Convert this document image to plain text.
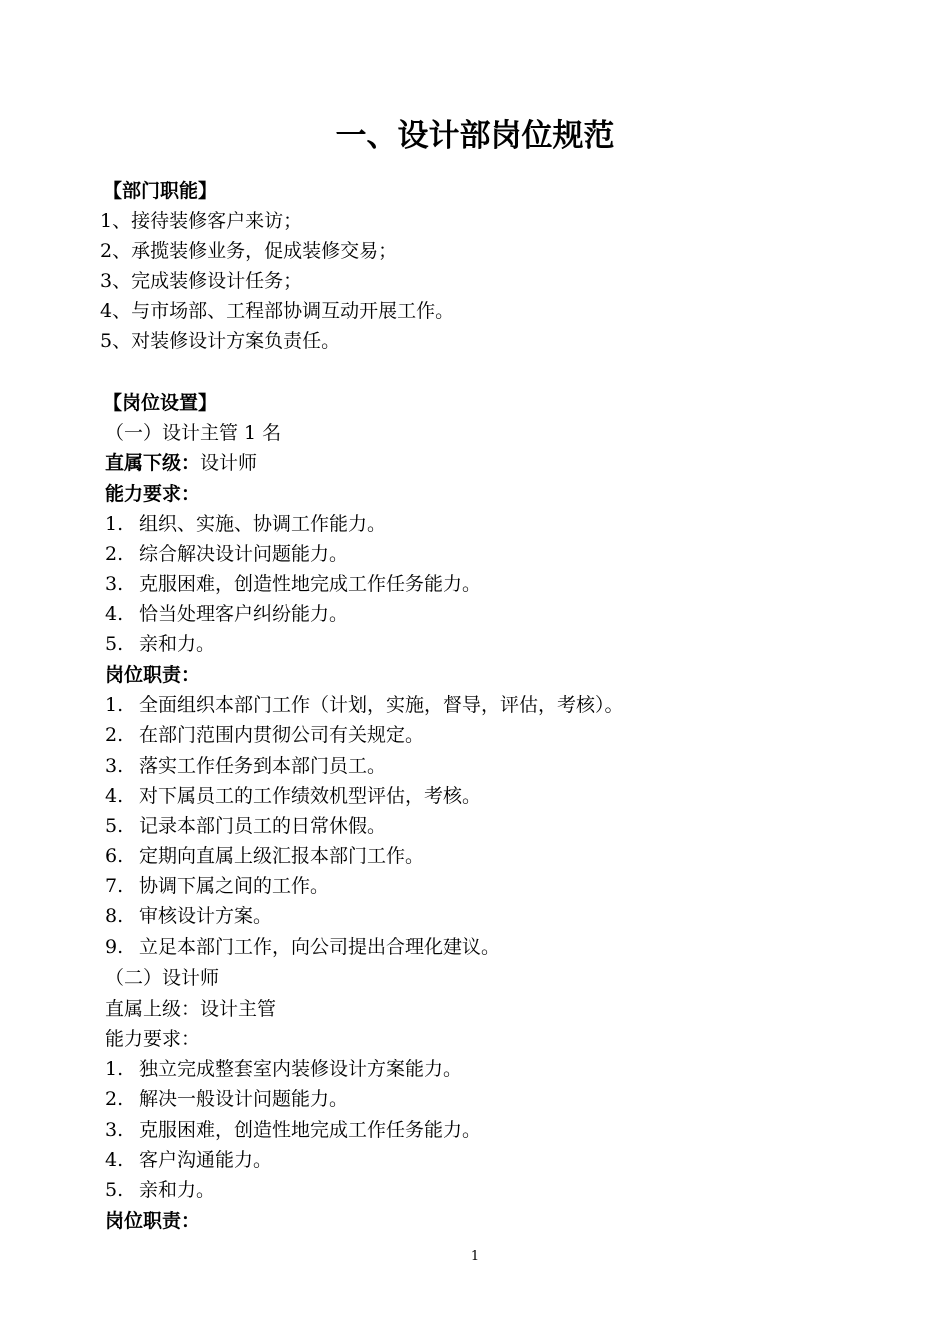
一、设计部岗位规范
【部门职能】
1、接待装修客户来访；
2、承揽装修业务，促成装修交易；
3、完成装修设计任务；
4、与市场部、工程部协调互动开展工作。
5、对装修设计方案负责任。
【岗位设置】
（一）设计主管 1 名
直属下级：设计师
能力要求：
1. 组织、实施、协调工作能力。
2. 综合解决设计问题能力。
3. 克服困难，创造性地完成工作任务能力。
4. 恰当处理客户纠纷能力。
5. 亲和力。
岗位职责：
1. 全面组织本部门工作（计划，实施，督导，评估，考核）。
2. 在部门范围内贯彻公司有关规定。
3. 落实工作任务到本部门员工。
4. 对下属员工的工作绩效机型评估，考核。
5. 记录本部门员工的日常休假。
6. 定期向直属上级汇报本部门工作。
7. 协调下属之间的工作。
8. 审核设计方案。
9. 立足本部门工作，向公司提出合理化建议。
（二）设计师
直属上级：设计主管
能力要求：
1. 独立完成整套室内装修设计方案能力。
2. 解决一般设计问题能力。
3. 克服困难，创造性地完成工作任务能力。
4. 客户沟通能力。
5. 亲和力。
岗位职责：
1
